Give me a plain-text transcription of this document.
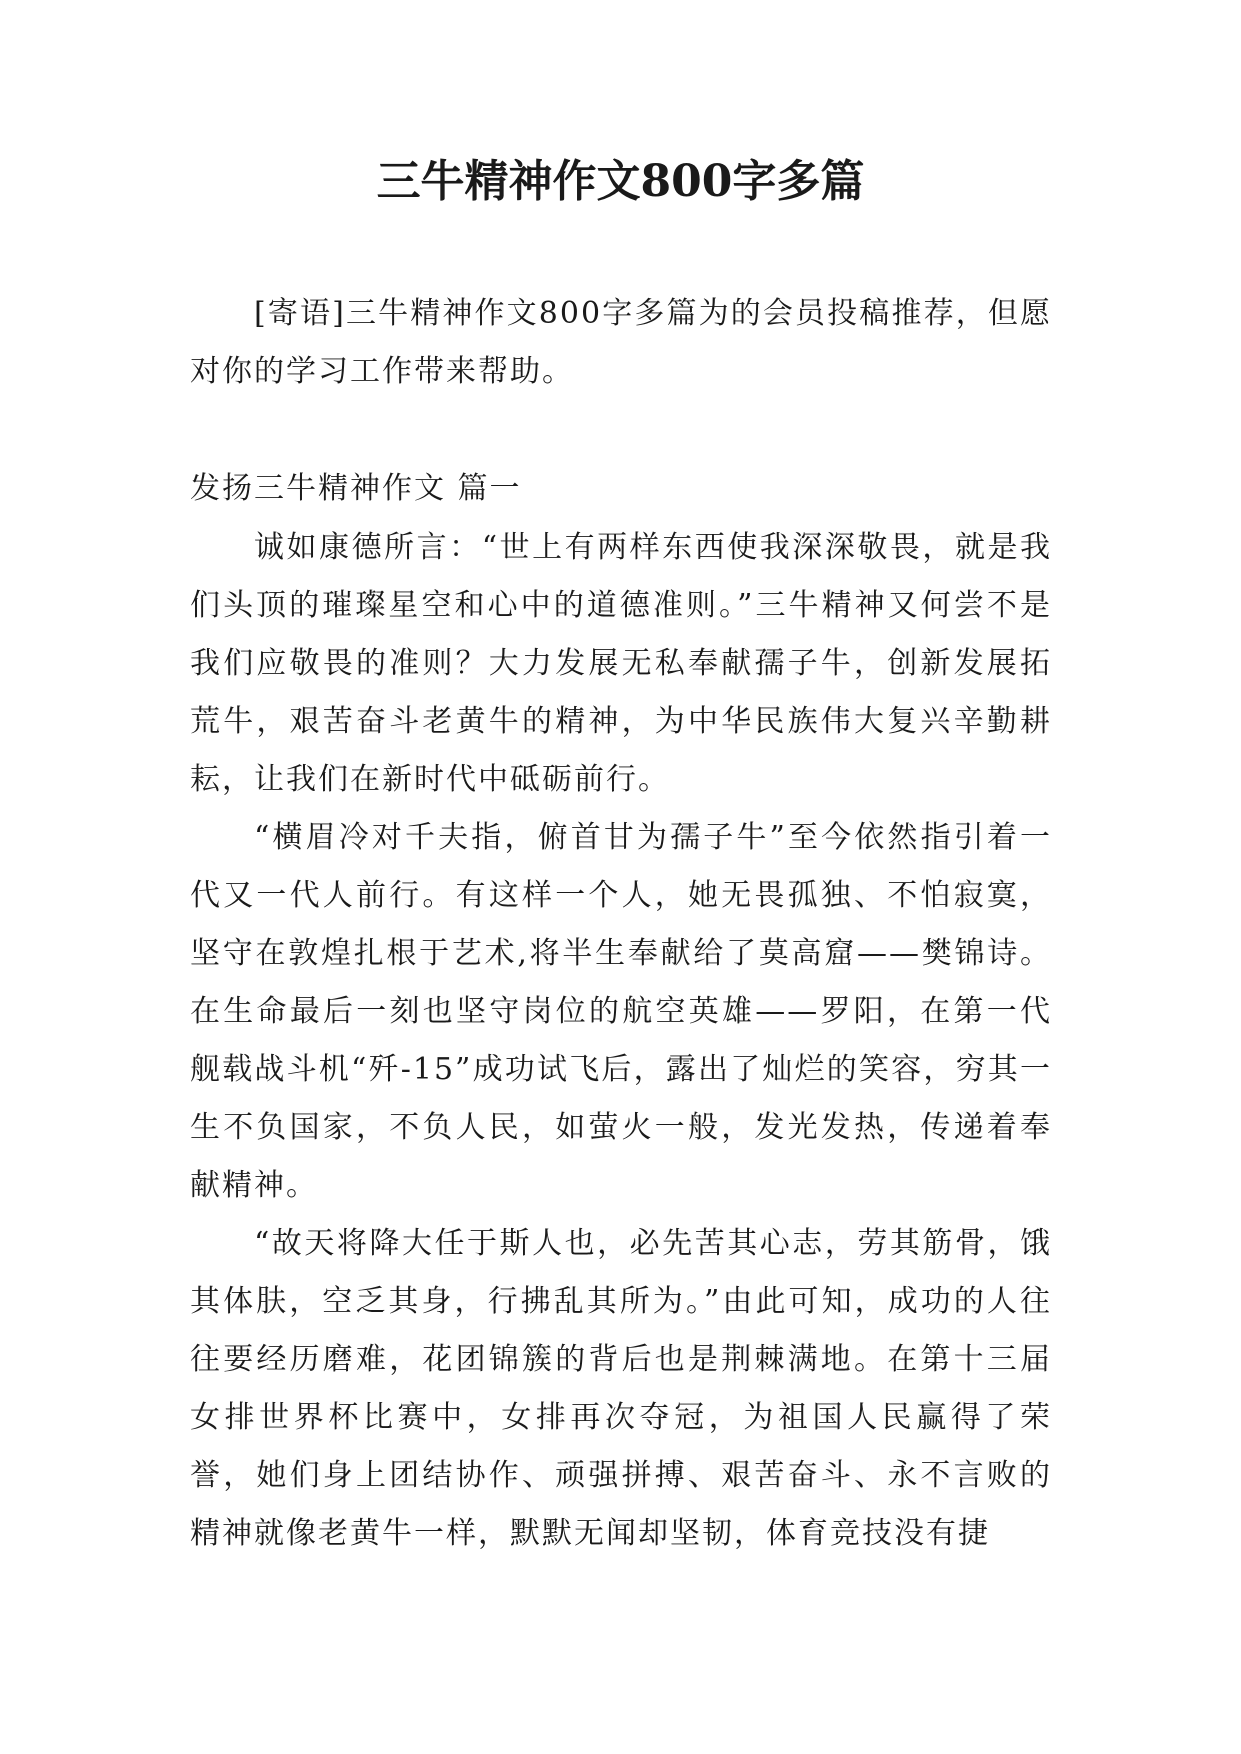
三牛精神作文800字多篇

[寄语]三牛精神作文800字多篇为的会员投稿推荐，但愿对你的学习工作带来帮助。

发扬三牛精神作文 篇一

诚如康德所言：“世上有两样东西使我深深敬畏，就是我们头顶的璀璨星空和心中的道德准则。”三牛精神又何尝不是我们应敬畏的准则？大力发展无私奉献孺子牛，创新发展拓荒牛，艰苦奋斗老黄牛的精神，为中华民族伟大复兴辛勤耕耘，让我们在新时代中砥砺前行。

“横眉冷对千夫指，俯首甘为孺子牛”至今依然指引着一代又一代人前行。有这样一个人，她无畏孤独、不怕寂寞，坚守在敦煌扎根于艺术,将半生奉献给了莫高窟——樊锦诗。在生命最后一刻也坚守岗位的航空英雄——罗阳，在第一代舰载战斗机“歼-15”成功试飞后，露出了灿烂的笑容，穷其一生不负国家，不负人民，如萤火一般，发光发热，传递着奉献精神。

“故天将降大任于斯人也，必先苦其心志，劳其筋骨，饿其体肤，空乏其身，行拂乱其所为。”由此可知，成功的人往往要经历磨难，花团锦簇的背后也是荆棘满地。在第十三届女排世界杯比赛中，女排再次夺冠，为祖国人民赢得了荣誉，她们身上团结协作、顽强拼搏、艰苦奋斗、永不言败的精神就像老黄牛一样，默默无闻却坚韧，体育竞技没有捷
